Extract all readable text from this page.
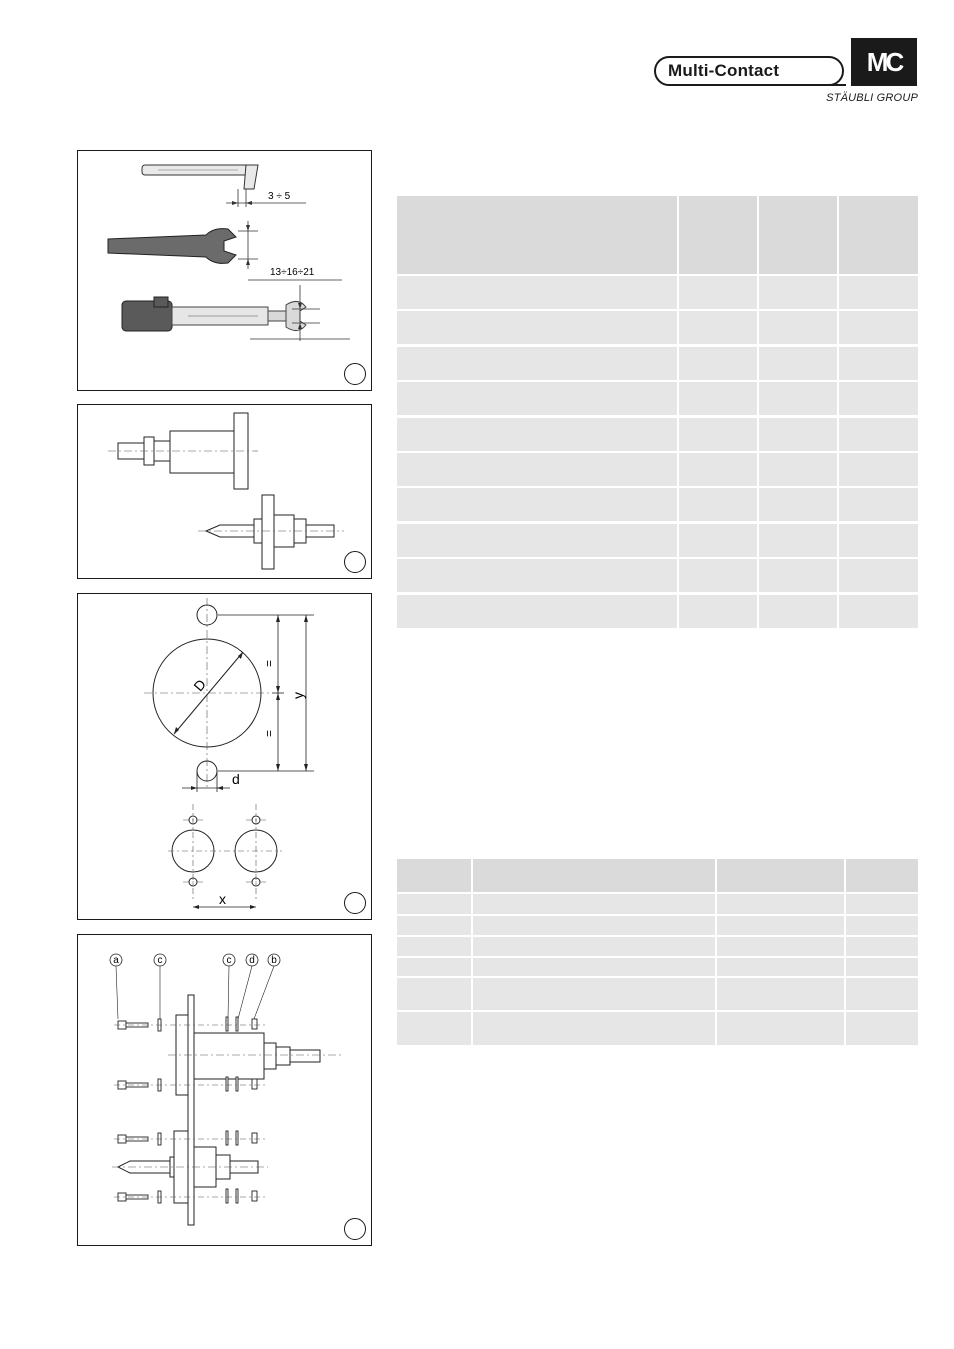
Multi-Contact	MC
STÄUBLI GROUP
3 ÷ 5
13÷16÷21
D
=
=
y
d
x
a	c	c d b
